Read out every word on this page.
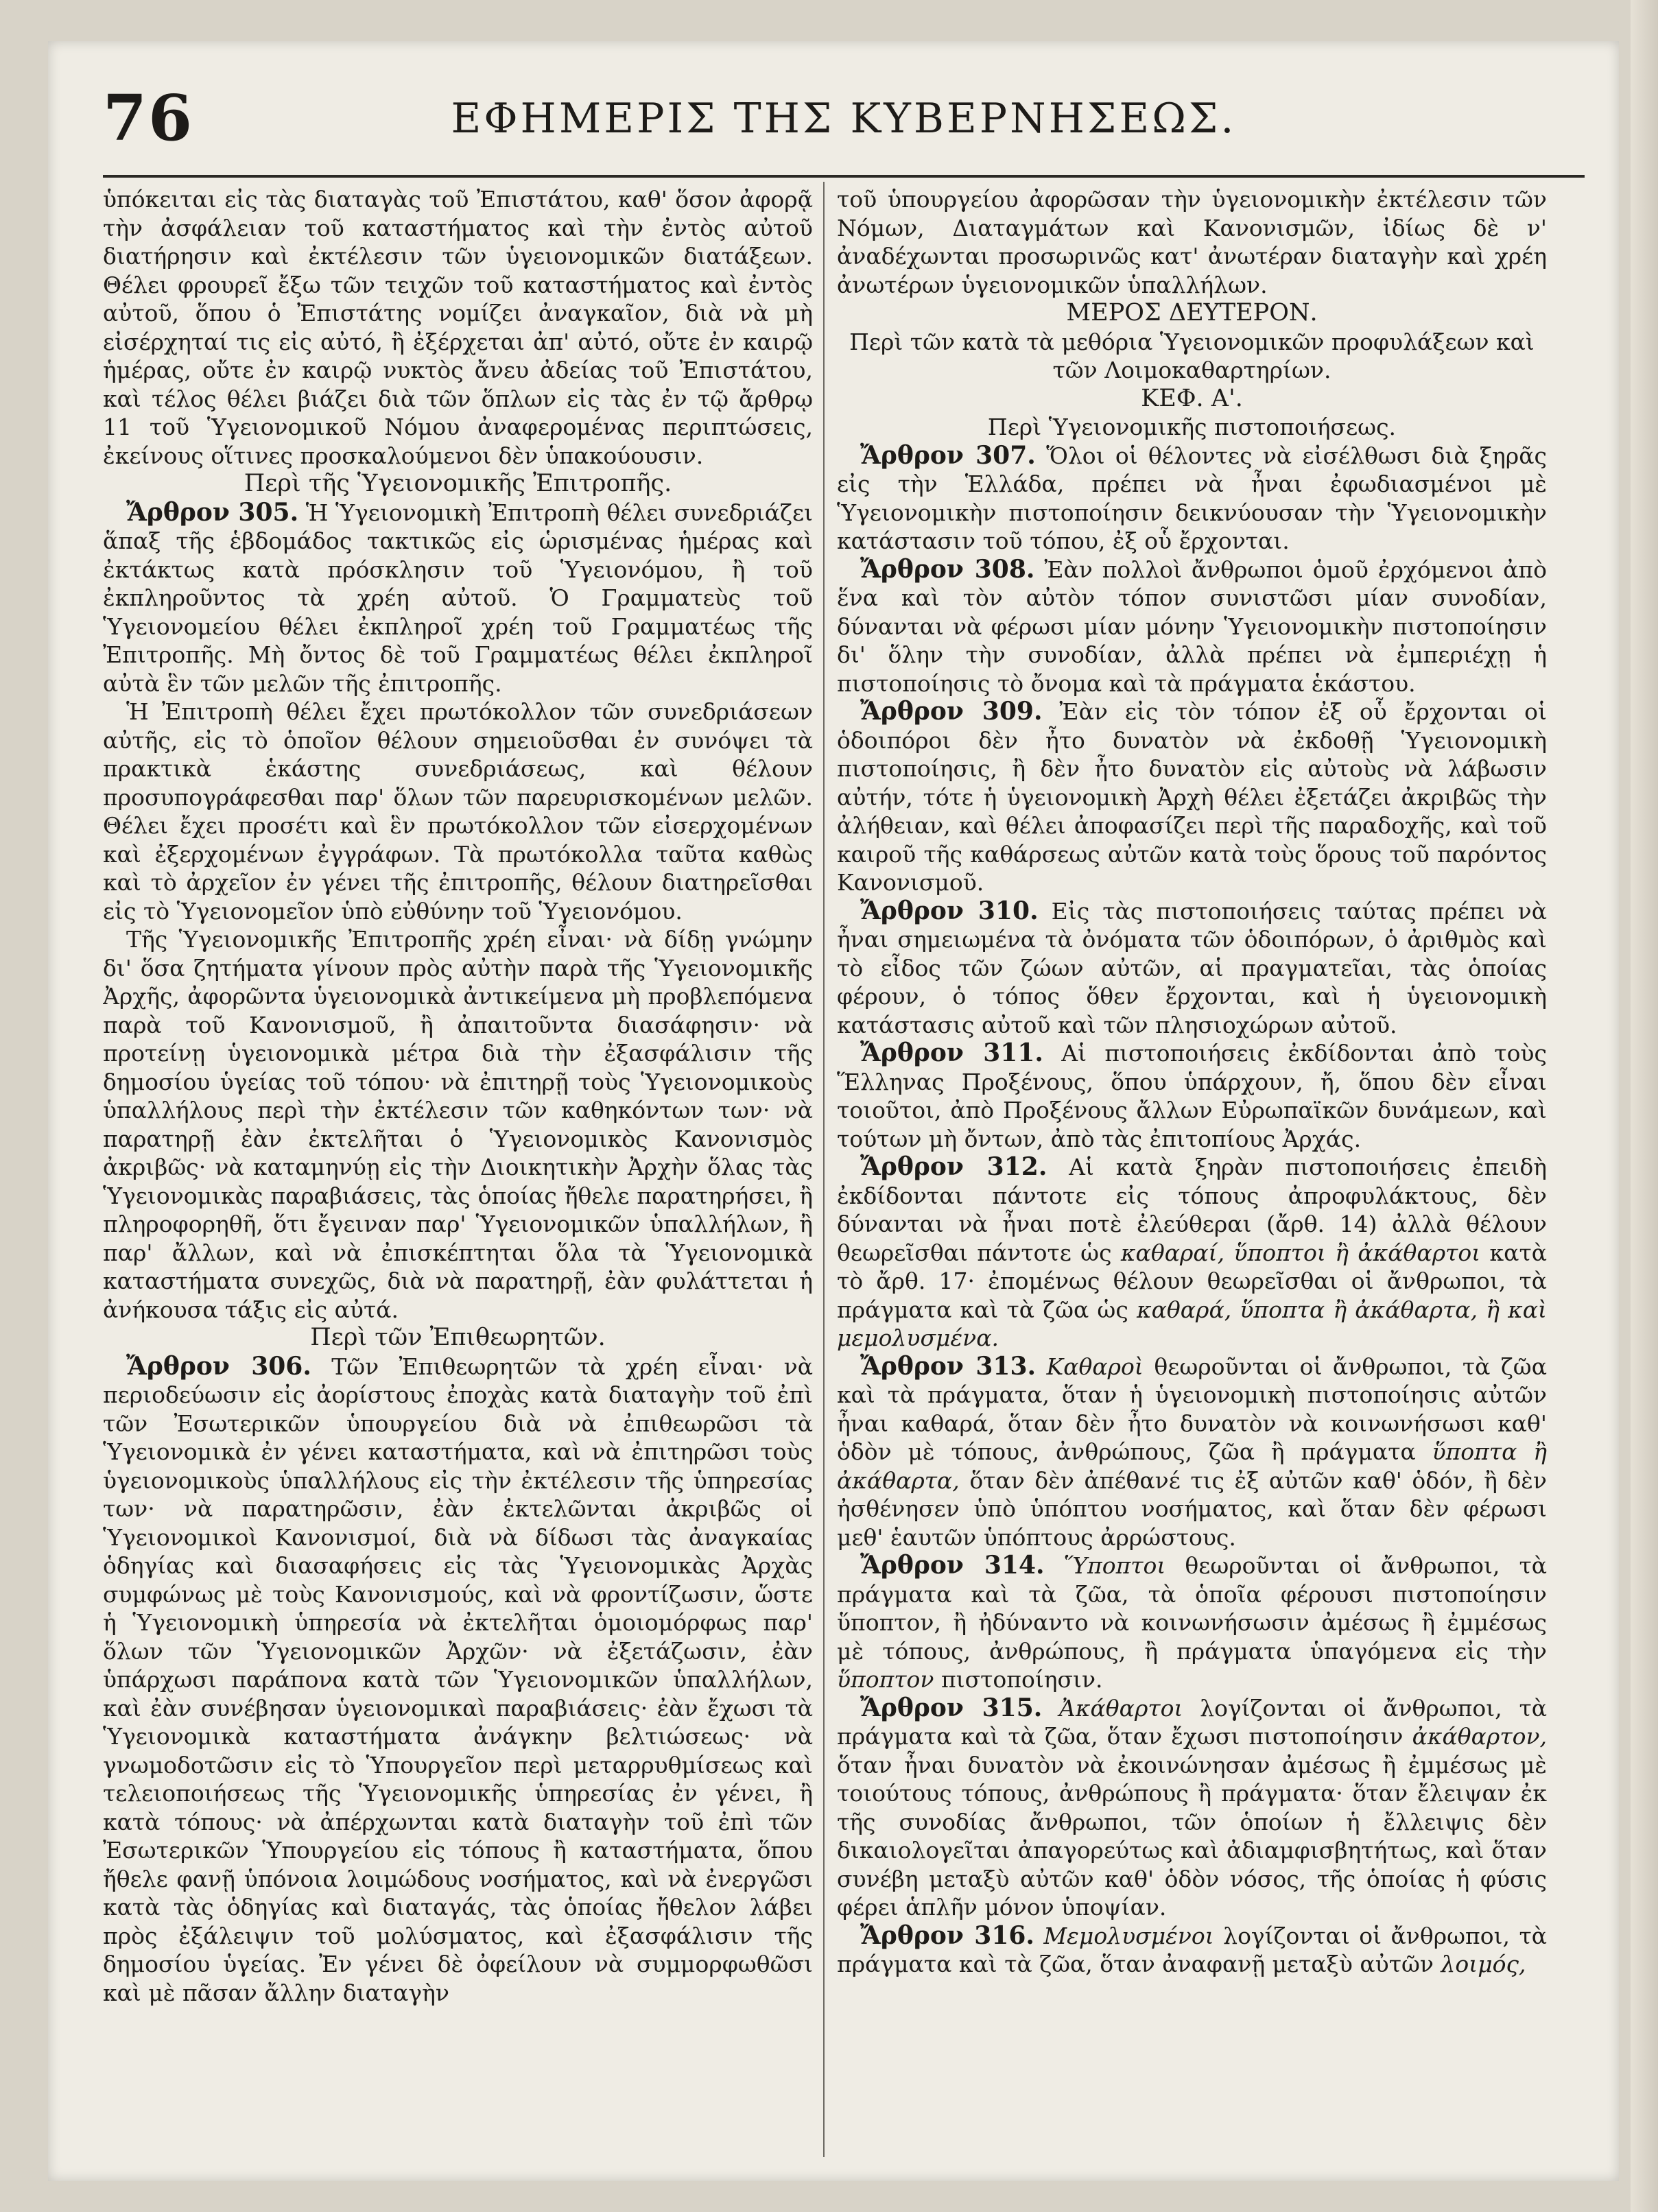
76	ΕΦΗΜΕΡΙΣ ΤΗΣ ΚΥΒΕΡΝΗΣΕΩΣ.

ὑπόκειται εἰς τὰς διαταγὰς τοῦ Ἐπιστάτου, καθ' ὅσον ἀφορᾷ τὴν ἀσφάλειαν τοῦ καταστήματος καὶ τὴν ἐντὸς αὐτοῦ διατήρησιν καὶ ἐκτέλεσιν τῶν ὑγειονομικῶν διατάξεων. Θέλει φρουρεῖ ἔξω τῶν τειχῶν τοῦ καταστήματος καὶ ἐντὸς αὐτοῦ, ὅπου ὁ Ἐπιστάτης νομίζει ἀναγκαῖον, διὰ νὰ μὴ εἰσέρχηταί τις εἰς αὐτό, ἢ ἐξέρχεται ἀπ' αὐτό, οὔτε ἐν καιρῷ ἡμέρας, οὔτε ἐν καιρῷ νυκτὸς ἄνευ ἀδείας τοῦ Ἐπιστάτου, καὶ τέλος θέλει βιάζει διὰ τῶν ὅπλων εἰς τὰς ἐν τῷ ἄρθρῳ 11 τοῦ Ὑγειονομικοῦ Νόμου ἀναφερομένας περιπτώσεις, ἐκείνους οἵτινες προσκαλούμενοι δὲν ὑπακούουσιν.

Περὶ τῆς Ὑγειονομικῆς Ἐπιτροπῆς.

Ἄρθρον 305. Ἡ Ὑγειονομικὴ Ἐπιτροπὴ θέλει συνεδριάζει ἅπαξ τῆς ἑβδομάδος τακτικῶς εἰς ὡρισμένας ἡμέρας καὶ ἐκτάκτως κατὰ πρόσκλησιν τοῦ Ὑγειονόμου, ἢ τοῦ ἐκπληροῦντος τὰ χρέη αὐτοῦ. Ὁ Γραμματεὺς τοῦ Ὑγειονομείου θέλει ἐκπληροῖ χρέη τοῦ Γραμματέως τῆς Ἐπιτροπῆς. Μὴ ὄντος δὲ τοῦ Γραμματέως θέλει ἐκπληροῖ αὐτὰ ἓν τῶν μελῶν τῆς ἐπιτροπῆς.

Ἡ Ἐπιτροπὴ θέλει ἔχει πρωτόκολλον τῶν συνεδριάσεων αὐτῆς, εἰς τὸ ὁποῖον θέλουν σημειοῦσθαι ἐν συνόψει τὰ πρακτικὰ ἑκάστης συνεδριάσεως, καὶ θέλουν προσυπογράφεσθαι παρ' ὅλων τῶν παρευρισκομένων μελῶν. Θέλει ἔχει προσέτι καὶ ἓν πρωτόκολλον τῶν εἰσερχομένων καὶ ἐξερχομένων ἐγγράφων. Τὰ πρωτόκολλα ταῦτα καθὼς καὶ τὸ ἀρχεῖον ἐν γένει τῆς ἐπιτροπῆς, θέλουν διατηρεῖσθαι εἰς τὸ Ὑγειονομεῖον ὑπὸ εὐθύνην τοῦ Ὑγειονόμου.

Τῆς Ὑγειονομικῆς Ἐπιτροπῆς χρέη εἶναι· νὰ δίδῃ γνώμην δι' ὅσα ζητήματα γίνουν πρὸς αὐτὴν παρὰ τῆς Ὑγειονομικῆς Ἀρχῆς, ἀφορῶντα ὑγειονομικὰ ἀντικείμενα μὴ προβλεπόμενα παρὰ τοῦ Κανονισμοῦ, ἢ ἀπαιτοῦντα διασάφησιν· νὰ προτείνῃ ὑγειονομικὰ μέτρα διὰ τὴν ἐξασφάλισιν τῆς δημοσίου ὑγείας τοῦ τόπου· νὰ ἐπιτηρῇ τοὺς Ὑγειονομικοὺς ὑπαλλήλους περὶ τὴν ἐκτέλεσιν τῶν καθηκόντων των· νὰ παρατηρῇ ἐὰν ἐκτελῆται ὁ Ὑγειονομικὸς Κανονισμὸς ἀκριβῶς· νὰ καταμηνύῃ εἰς τὴν Διοικητικὴν Ἀρχὴν ὅλας τὰς Ὑγειονομικὰς παραβιάσεις, τὰς ὁποίας ἤθελε παρατηρήσει, ἢ πληροφορηθῆ, ὅτι ἔγειναν παρ' Ὑγειονομικῶν ὑπαλλήλων, ἢ παρ' ἄλλων, καὶ νὰ ἐπισκέπτηται ὅλα τὰ Ὑγειονομικὰ καταστήματα συνεχῶς, διὰ νὰ παρατηρῇ, ἐὰν φυλάττεται ἡ ἀνήκουσα τάξις εἰς αὐτά.

Περὶ τῶν Ἐπιθεωρητῶν.

Ἄρθρον 306. Τῶν Ἐπιθεωρητῶν τὰ χρέη εἶναι· νὰ περιοδεύωσιν εἰς ἀορίστους ἐποχὰς κατὰ διαταγὴν τοῦ ἐπὶ τῶν Ἐσωτερικῶν ὑπουργείου διὰ νὰ ἐπιθεωρῶσι τὰ Ὑγειονομικὰ ἐν γένει καταστήματα, καὶ νὰ ἐπιτηρῶσι τοὺς ὑγειονομικοὺς ὑπαλλήλους εἰς τὴν ἐκτέλεσιν τῆς ὑπηρεσίας των· νὰ παρατηρῶσιν, ἐὰν ἐκτελῶνται ἀκριβῶς οἱ Ὑγειονομικοὶ Κανονισμοί, διὰ νὰ δίδωσι τὰς ἀναγκαίας ὁδηγίας καὶ διασαφήσεις εἰς τὰς Ὑγειονομικὰς Ἀρχὰς συμφώνως μὲ τοὺς Κανονισμούς, καὶ νὰ φροντίζωσιν, ὥστε ἡ Ὑγειονομικὴ ὑπηρεσία νὰ ἐκτελῆται ὁμοιομόρφως παρ' ὅλων τῶν Ὑγειονομικῶν Ἀρχῶν· νὰ ἐξετάζωσιν, ἐὰν ὑπάρχωσι παράπονα κατὰ τῶν Ὑγειονομικῶν ὑπαλλήλων, καὶ ἐὰν συνέβησαν ὑγειονομικαὶ παραβιάσεις· ἐὰν ἔχωσι τὰ Ὑγειονομικὰ καταστήματα ἀνάγκην βελτιώσεως· νὰ γνωμοδοτῶσιν εἰς τὸ Ὑπουργεῖον περὶ μεταρρυθμίσεως καὶ τελειοποιήσεως τῆς Ὑγειονομικῆς ὑπηρεσίας ἐν γένει, ἢ κατὰ τόπους· νὰ ἀπέρχωνται κατὰ διαταγὴν τοῦ ἐπὶ τῶν Ἐσωτερικῶν Ὑπουργείου εἰς τόπους ἢ καταστήματα, ὅπου ἤθελε φανῇ ὑπόνοια λοιμώδους νοσήματος, καὶ νὰ ἐνεργῶσι κατὰ τὰς ὁδηγίας καὶ διαταγάς, τὰς ὁποίας ἤθελον λάβει πρὸς ἐξάλειψιν τοῦ μολύσματος, καὶ ἐξασφάλισιν τῆς δημοσίου ὑγείας. Ἐν γένει δὲ ὀφείλουν νὰ συμμορφωθῶσι καὶ μὲ πᾶσαν ἄλλην διαταγὴν

τοῦ ὑπουργείου ἀφορῶσαν τὴν ὑγειονομικὴν ἐκτέλεσιν τῶν Νόμων, Διαταγμάτων καὶ Κανονισμῶν, ἰδίως δὲ ν' ἀναδέχωνται προσωρινῶς κατ' ἀνωτέραν διαταγὴν καὶ χρέη ἀνωτέρων ὑγειονομικῶν ὑπαλλήλων.

ΜΕΡΟΣ ΔΕΥΤΕΡΟΝ.

Περὶ τῶν κατὰ τὰ μεθόρια Ὑγειονομικῶν προφυλάξεων καὶ τῶν Λοιμοκαθαρτηρίων.

ΚΕΦ. Α'.

Περὶ Ὑγειονομικῆς πιστοποιήσεως.

Ἄρθρον 307. Ὅλοι οἱ θέλοντες νὰ εἰσέλθωσι διὰ ξηρᾶς εἰς τὴν Ἑλλάδα, πρέπει νὰ ἦναι ἐφωδιασμένοι μὲ Ὑγειονομικὴν πιστοποίησιν δεικνύουσαν τὴν Ὑγειονομικὴν κατάστασιν τοῦ τόπου, ἐξ οὗ ἔρχονται.

Ἄρθρον 308. Ἐὰν πολλοὶ ἄνθρωποι ὁμοῦ ἐρχόμενοι ἀπὸ ἕνα καὶ τὸν αὐτὸν τόπον συνιστῶσι μίαν συνοδίαν, δύνανται νὰ φέρωσι μίαν μόνην Ὑγειονομικὴν πιστοποίησιν δι' ὅλην τὴν συνοδίαν, ἀλλὰ πρέπει νὰ ἐμπεριέχῃ ἡ πιστοποίησις τὸ ὄνομα καὶ τὰ πράγματα ἑκάστου.

Ἄρθρον 309. Ἐὰν εἰς τὸν τόπον ἐξ οὗ ἔρχονται οἱ ὁδοιπόροι δὲν ἦτο δυνατὸν νὰ ἐκδοθῇ Ὑγειονομικὴ πιστοποίησις, ἢ δὲν ἦτο δυνατὸν εἰς αὐτοὺς νὰ λάβωσιν αὐτήν, τότε ἡ ὑγειονομικὴ Ἀρχὴ θέλει ἐξετάζει ἀκριβῶς τὴν ἀλήθειαν, καὶ θέλει ἀποφασίζει περὶ τῆς παραδοχῆς, καὶ τοῦ καιροῦ τῆς καθάρσεως αὐτῶν κατὰ τοὺς ὅρους τοῦ παρόντος Κανονισμοῦ.

Ἄρθρον 310. Εἰς τὰς πιστοποιήσεις ταύτας πρέπει νὰ ἦναι σημειωμένα τὰ ὀνόματα τῶν ὁδοιπόρων, ὁ ἀριθμὸς καὶ τὸ εἶδος τῶν ζώων αὐτῶν, αἱ πραγματεῖαι, τὰς ὁποίας φέρουν, ὁ τόπος ὅθεν ἔρχονται, καὶ ἡ ὑγειονομικὴ κατάστασις αὐτοῦ καὶ τῶν πλησιοχώρων αὐτοῦ.

Ἄρθρον 311. Αἱ πιστοποιήσεις ἐκδίδονται ἀπὸ τοὺς Ἕλληνας Προξένους, ὅπου ὑπάρχουν, ἤ, ὅπου δὲν εἶναι τοιοῦτοι, ἀπὸ Προξένους ἄλλων Εὐρωπαϊκῶν δυνάμεων, καὶ τούτων μὴ ὄντων, ἀπὸ τὰς ἐπιτοπίους Ἀρχάς.

Ἄρθρον 312. Αἱ κατὰ ξηρὰν πιστοποιήσεις ἐπειδὴ ἐκδίδονται πάντοτε εἰς τόπους ἀπροφυλάκτους, δὲν δύνανται νὰ ἦναι ποτὲ ἐλεύθεραι (ἄρθ. 14) ἀλλὰ θέλουν θεωρεῖσθαι πάντοτε ὡς καθαραί, ὕποπτοι ἢ ἀκάθαρτοι κατὰ τὸ ἄρθ. 17· ἐπομένως θέλουν θεωρεῖσθαι οἱ ἄνθρωποι, τὰ πράγματα καὶ τὰ ζῶα ὡς καθαρά, ὕποπτα ἢ ἀκάθαρτα, ἢ καὶ μεμολυσμένα.

Ἄρθρον 313. Καθαροὶ θεωροῦνται οἱ ἄνθρωποι, τὰ ζῶα καὶ τὰ πράγματα, ὅταν ἡ ὑγειονομικὴ πιστοποίησις αὐτῶν ἦναι καθαρά, ὅταν δὲν ἦτο δυνατὸν νὰ κοινωνήσωσι καθ' ὁδὸν μὲ τόπους, ἀνθρώπους, ζῶα ἢ πράγματα ὕποπτα ἢ ἀκάθαρτα, ὅταν δὲν ἀπέθανέ τις ἐξ αὐτῶν καθ' ὁδόν, ἢ δὲν ἠσθένησεν ὑπὸ ὑπόπτου νοσήματος, καὶ ὅταν δὲν φέρωσι μεθ' ἑαυτῶν ὑπόπτους ἀρρώστους.

Ἄρθρον 314. Ὕποπτοι θεωροῦνται οἱ ἄνθρωποι, τὰ πράγματα καὶ τὰ ζῶα, τὰ ὁποῖα φέρουσι πιστοποίησιν ὕποπτον, ἢ ἠδύναντο νὰ κοινωνήσωσιν ἀμέσως ἢ ἐμμέσως μὲ τόπους, ἀνθρώπους, ἢ πράγματα ὑπαγόμενα εἰς τὴν ὕποπτον πιστοποίησιν.

Ἄρθρον 315. Ἀκάθαρτοι λογίζονται οἱ ἄνθρωποι, τὰ πράγματα καὶ τὰ ζῶα, ὅταν ἔχωσι πιστοποίησιν ἀκάθαρτον, ὅταν ἦναι δυνατὸν νὰ ἐκοινώνησαν ἀμέσως ἢ ἐμμέσως μὲ τοιούτους τόπους, ἀνθρώπους ἢ πράγματα· ὅταν ἔλειψαν ἐκ τῆς συνοδίας ἄνθρωποι, τῶν ὁποίων ἡ ἔλλειψις δὲν δικαιολογεῖται ἀπαγορεύτως καὶ ἀδιαμφισβητήτως, καὶ ὅταν συνέβη μεταξὺ αὐτῶν καθ' ὁδὸν νόσος, τῆς ὁποίας ἡ φύσις φέρει ἁπλῆν μόνον ὑποψίαν.

Ἄρθρον 316. Μεμολυσμένοι λογίζονται οἱ ἄνθρωποι, τὰ πράγματα καὶ τὰ ζῶα, ὅταν ἀναφανῇ μεταξὺ αὐτῶν λοιμός,
